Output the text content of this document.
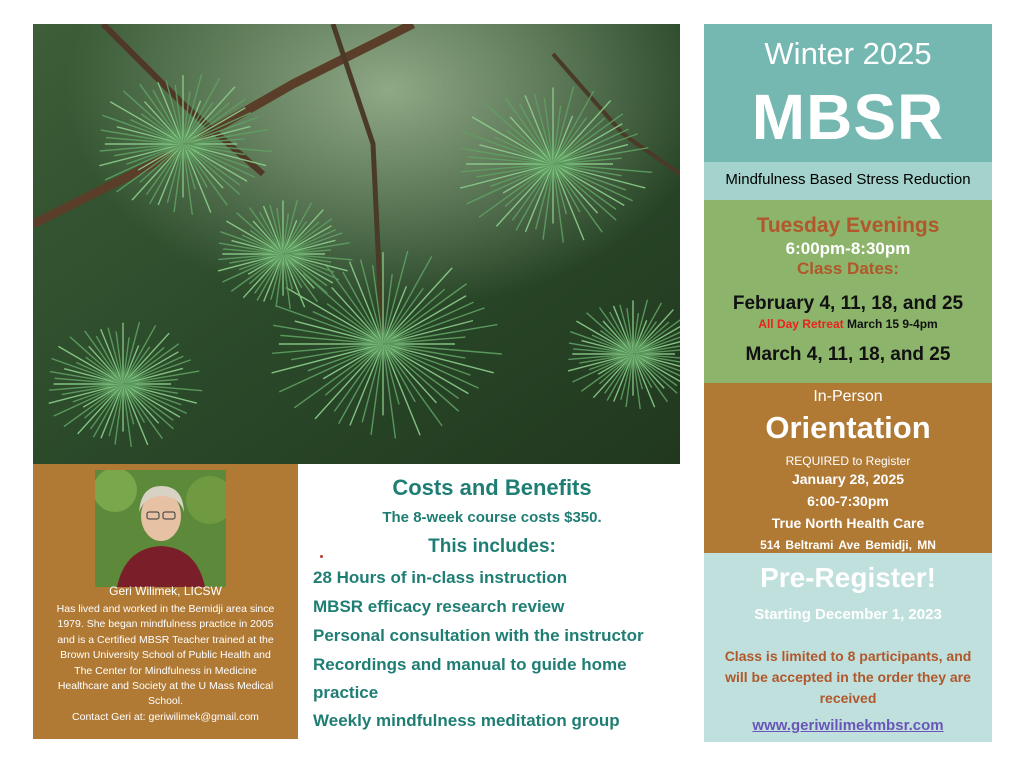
Geri Wilimek, LICSW
Has lived and worked in the Bemidji area since
1979. She began mindfulness practice in 2005
and is a Certified MBSR Teacher trained at the
Brown University School of Public Health and
The Center for Mindfulness in Medicine
Healthcare and Society at the U Mass Medical
School.
Contact Geri at: geriwilimek@gmail.com
Costs and Benefits
The 8-week course costs $350.
This includes:
28 Hours of in-class instruction
MBSR efficacy research review
Personal consultation with the instructor
Recordings and manual to guide home
practice
Weekly mindfulness meditation group
Winter 2025
MBSR
Mindfulness Based Stress Reduction
Tuesday Evenings
6:00pm-8:30pm
Class Dates:
February 4, 11, 18, and 25
All Day Retreat March 15 9-4pm
March 4, 11, 18, and 25
In-Person
Orientation
REQUIRED to Register
January 28, 2025
6:00-7:30pm
True North Health Care
514 Beltrami Ave Bemidji, MN
Pre-Register!
Starting December 1, 2023
Class is limited to 8 participants, and will be accepted in the order they are received
www.geriwilimekmbsr.com
